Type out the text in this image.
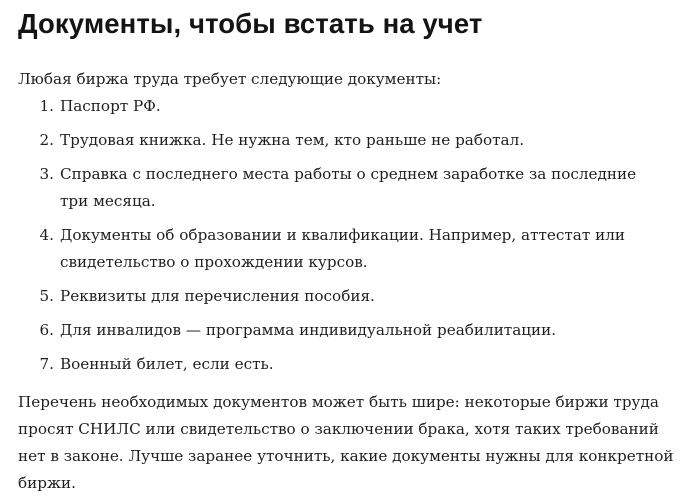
Документы, чтобы встать на учет

Любая биржа труда требует следующие документы:

1. Паспорт РФ.
2. Трудовая книжка. Не нужна тем, кто раньше не работал.
3. Справка с последнего места работы о среднем заработке за последние три месяца.
4. Документы об образовании и квалификации. Например, аттестат или свидетельство о прохождении курсов.
5. Реквизиты для перечисления пособия.
6. Для инвалидов — программа индивидуальной реабилитации.
7. Военный билет, если есть.

Перечень необходимых документов может быть шире: некоторые биржи труда просят СНИЛС или свидетельство о заключении брака, хотя таких требований нет в законе. Лучше заранее уточнить, какие документы нужны для конкретной биржи.
